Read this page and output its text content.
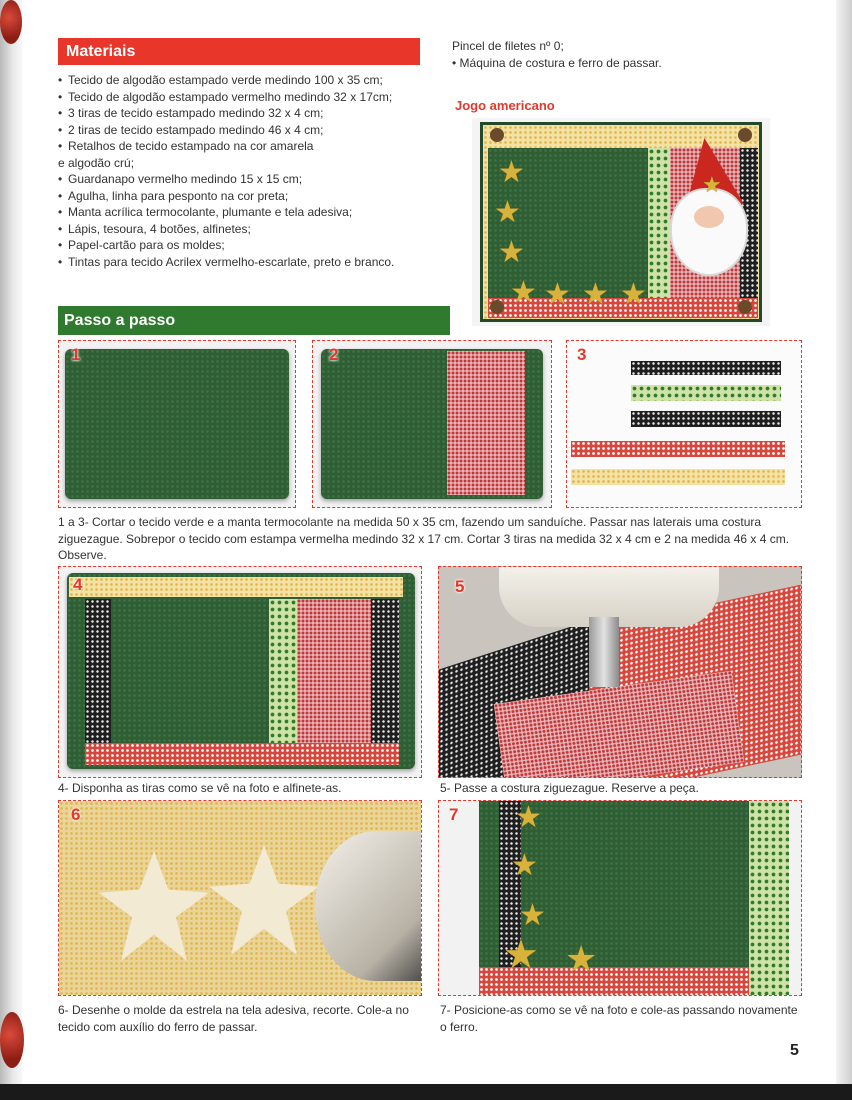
Materiais
• Tecido de algodão estampado verde medindo 100 x 35 cm;
• Tecido de algodão estampado vermelho medindo 32 x 17cm;
• 3 tiras de tecido estampado medindo 32 x 4 cm;
• 2 tiras de tecido estampado medindo 46 x 4 cm;
• Retalhos de tecido estampado na cor amarela
e algodão crú;
• Guardanapo vermelho medindo 15 x 15 cm;
• Agulha, linha para pesponto na cor preta;
• Manta acrílica termocolante, plumante e tela adesiva;
• Lápis, tesoura, 4 botões, alfinetes;
• Papel-cartão para os moldes;
• Tintas para tecido Acrilex vermelho-escarlate, preto e branco.
Pincel de filetes nº 0;
• Máquina de costura e ferro de passar.
Jogo americano
★
★
★
★ ★ ★ ★
★
Passo a passo
1	2	3
1 a 3- Cortar o tecido verde e a manta termocolante na medida 50 x 35 cm, fazendo um sanduíche. Passar nas laterais uma costura ziguezague. Sobrepor o tecido com estampa vermelha medindo 32 x 17 cm. Cortar 3 tiras na medida 32 x 4 cm e 2 na medida 46 x 4 cm. Observe.
4
4- Disponha as tiras como se vê na foto e alfinete-as.
5
5- Passe a costura ziguezague. Reserve a peça.
6
6- Desenhe o molde da estrela na tela adesiva, recorte. Cole-a no tecido com auxílio do ferro de passar.
★
★
★
★ ★
7
7- Posicione-as como se vê na foto e cole-as passando novamente o ferro.
5
